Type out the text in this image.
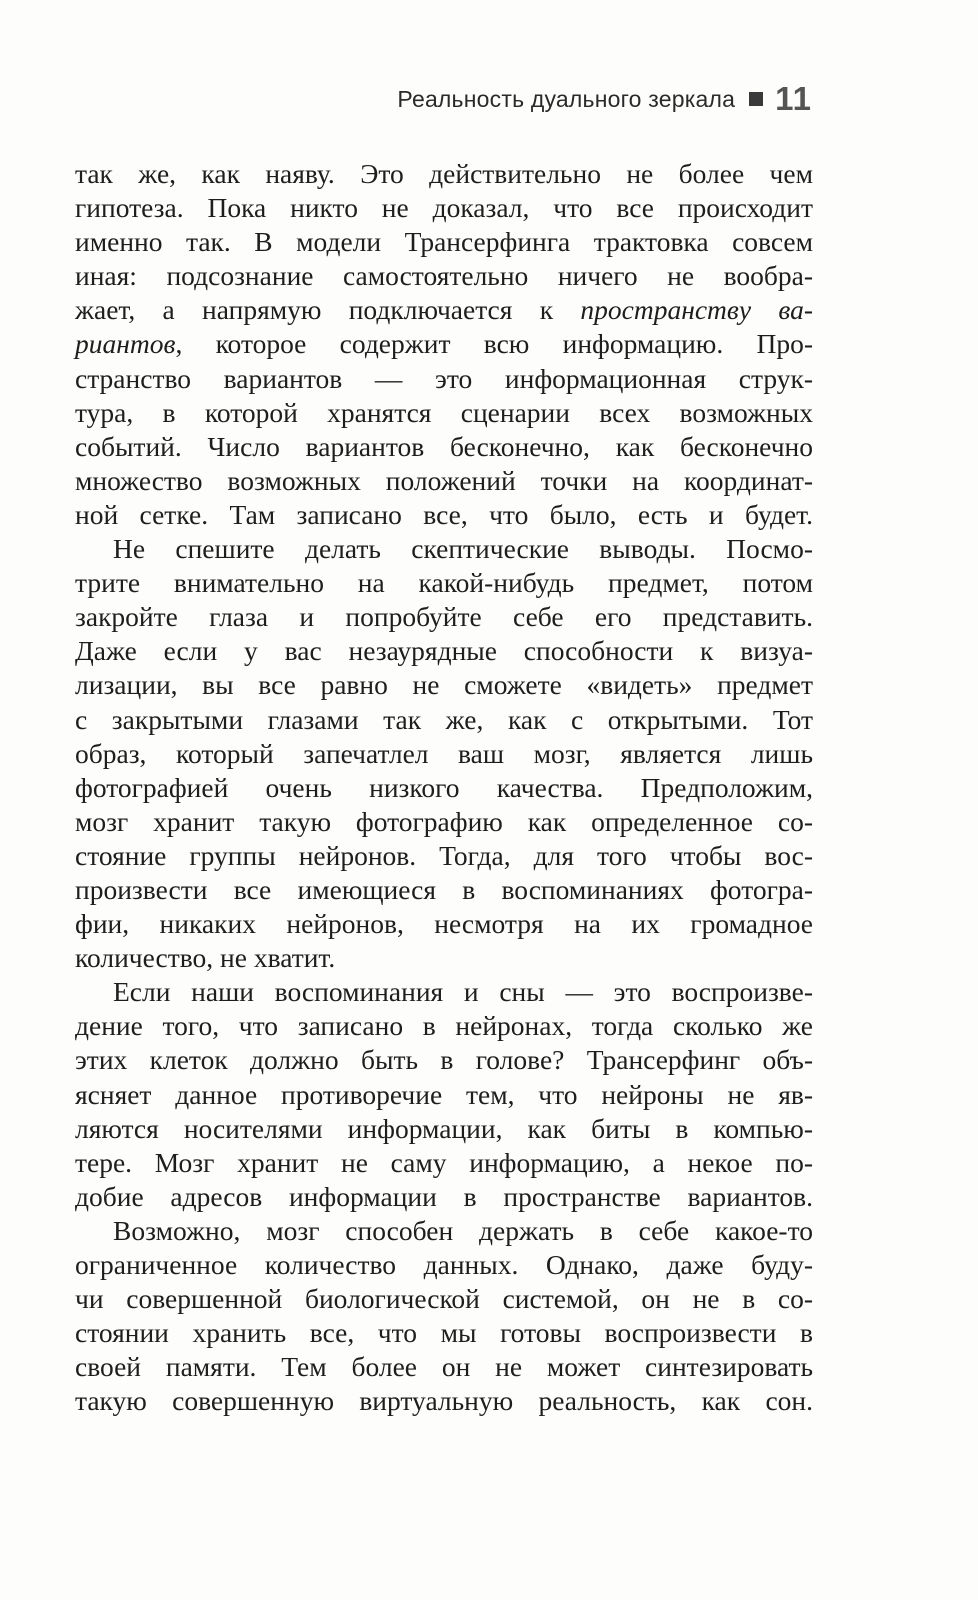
Реальность дуального зеркала 11
так же, как наяву. Это действительно не более чем
гипотеза. Пока никто не доказал, что все происходит
именно так. В модели Трансерфинга трактовка совсем
иная: подсознание самостоятельно ничего не вообра-
жает, а напрямую подключается к пространству ва-
риантов, которое содержит всю информацию. Про-
странство вариантов — это информационная струк-
тура, в которой хранятся сценарии всех возможных
событий. Число вариантов бесконечно, как бесконечно
множество возможных положений точки на координат-
ной сетке. Там записано все, что было, есть и будет.
Не спешите делать скептические выводы. Посмо-
трите внимательно на какой-нибудь предмет, потом
закройте глаза и попробуйте себе его представить.
Даже если у вас незаурядные способности к визуа-
лизации, вы все равно не сможете «видеть» предмет
с закрытыми глазами так же, как с открытыми. Тот
образ, который запечатлел ваш мозг, является лишь
фотографией очень низкого качества. Предположим,
мозг хранит такую фотографию как определенное со-
стояние группы нейронов. Тогда, для того чтобы вос-
произвести все имеющиеся в воспоминаниях фотогра-
фии, никаких нейронов, несмотря на их громадное
количество, не хватит.
Если наши воспоминания и сны — это воспроизве-
дение того, что записано в нейронах, тогда сколько же
этих клеток должно быть в голове? Трансерфинг объ-
ясняет данное противоречие тем, что нейроны не яв-
ляются носителями информации, как биты в компью-
тере. Мозг хранит не саму информацию, а некое по-
добие адресов информации в пространстве вариантов.
Возможно, мозг способен держать в себе какое-то
ограниченное количество данных. Однако, даже буду-
чи совершенной биологической системой, он не в со-
стоянии хранить все, что мы готовы воспроизвести в
своей памяти. Тем более он не может синтезировать
такую совершенную виртуальную реальность, как сон.
